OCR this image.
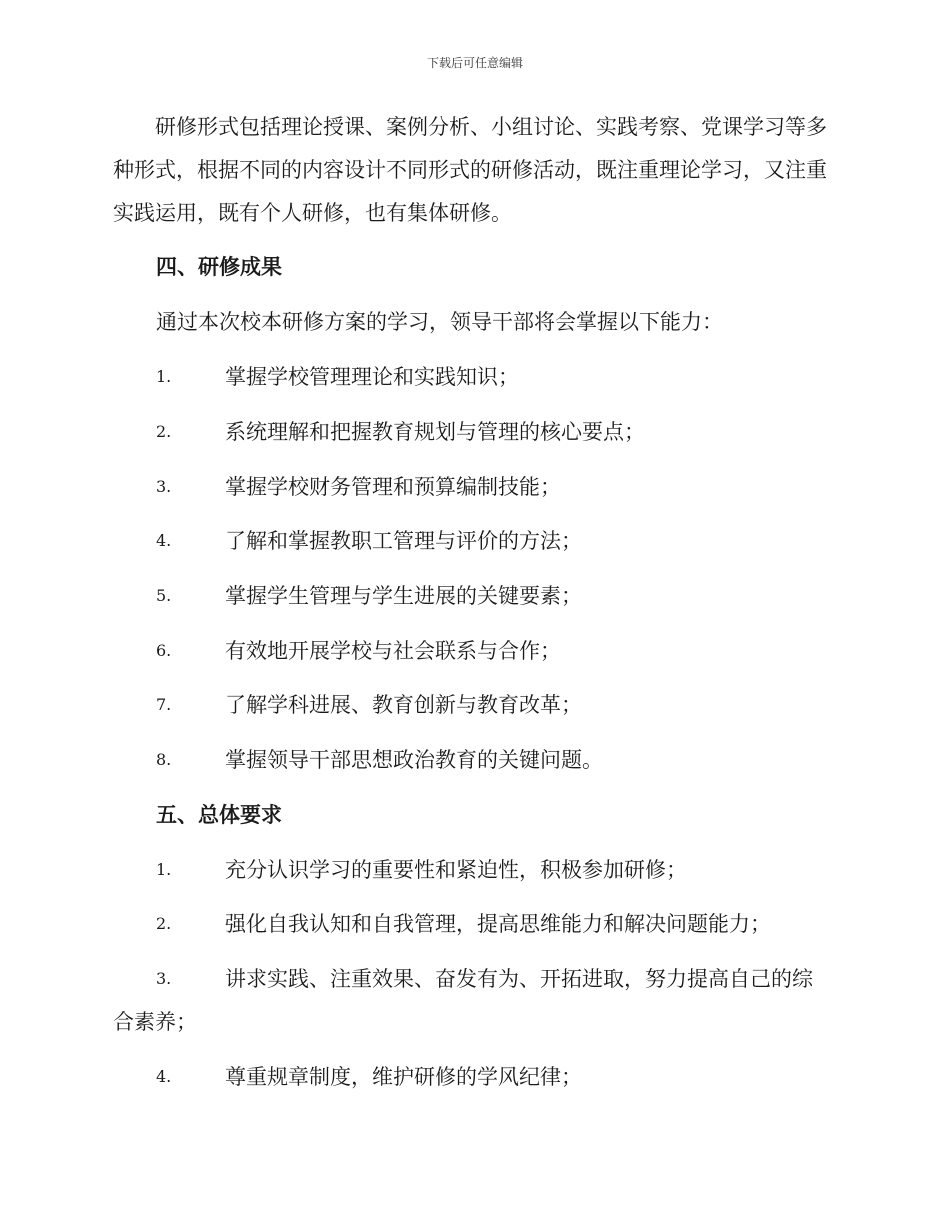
下载后可任意编辑
研修形式包括理论授课、案例分析、小组讨论、实践考察、党课学习等多种形式，根据不同的内容设计不同形式的研修活动，既注重理论学习，又注重实践运用，既有个人研修，也有集体研修。
四、研修成果
通过本次校本研修方案的学习，领导干部将会掌握以下能力：
1.	掌握学校管理理论和实践知识；
2.	系统理解和把握教育规划与管理的核心要点；
3.	掌握学校财务管理和预算编制技能；
4.	了解和掌握教职工管理与评价的方法；
5.	掌握学生管理与学生进展的关键要素；
6.	有效地开展学校与社会联系与合作；
7.	了解学科进展、教育创新与教育改革；
8.	掌握领导干部思想政治教育的关键问题。
五、总体要求
1.	充分认识学习的重要性和紧迫性，积极参加研修；
2.	强化自我认知和自我管理，提高思维能力和解决问题能力；
3.	讲求实践、注重效果、奋发有为、开拓进取，努力提高自己的综
合素养；
4.	尊重规章制度，维护研修的学风纪律；
